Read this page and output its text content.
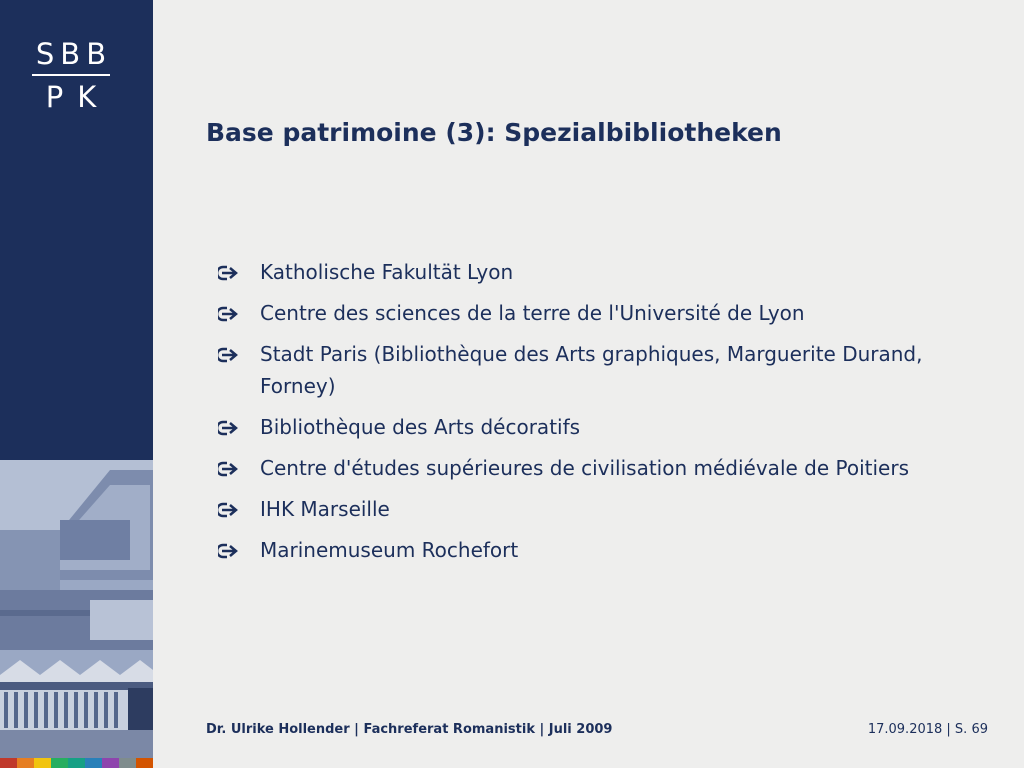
SBB
PK
Base patrimoine (3): Spezialbibliotheken
Katholische Fakultät Lyon
Centre des sciences de la terre de l'Université de Lyon
Stadt Paris (Bibliothèque des Arts graphiques, Marguerite Durand, Forney)
Bibliothèque des Arts décoratifs
Centre d'études supérieures de civilisation médiévale de Poitiers
IHK Marseille
Marinemuseum Rochefort
Dr. Ulrike Hollender | Fachreferat Romanistik | Juli 2009	17.09.2018 | S. 69
